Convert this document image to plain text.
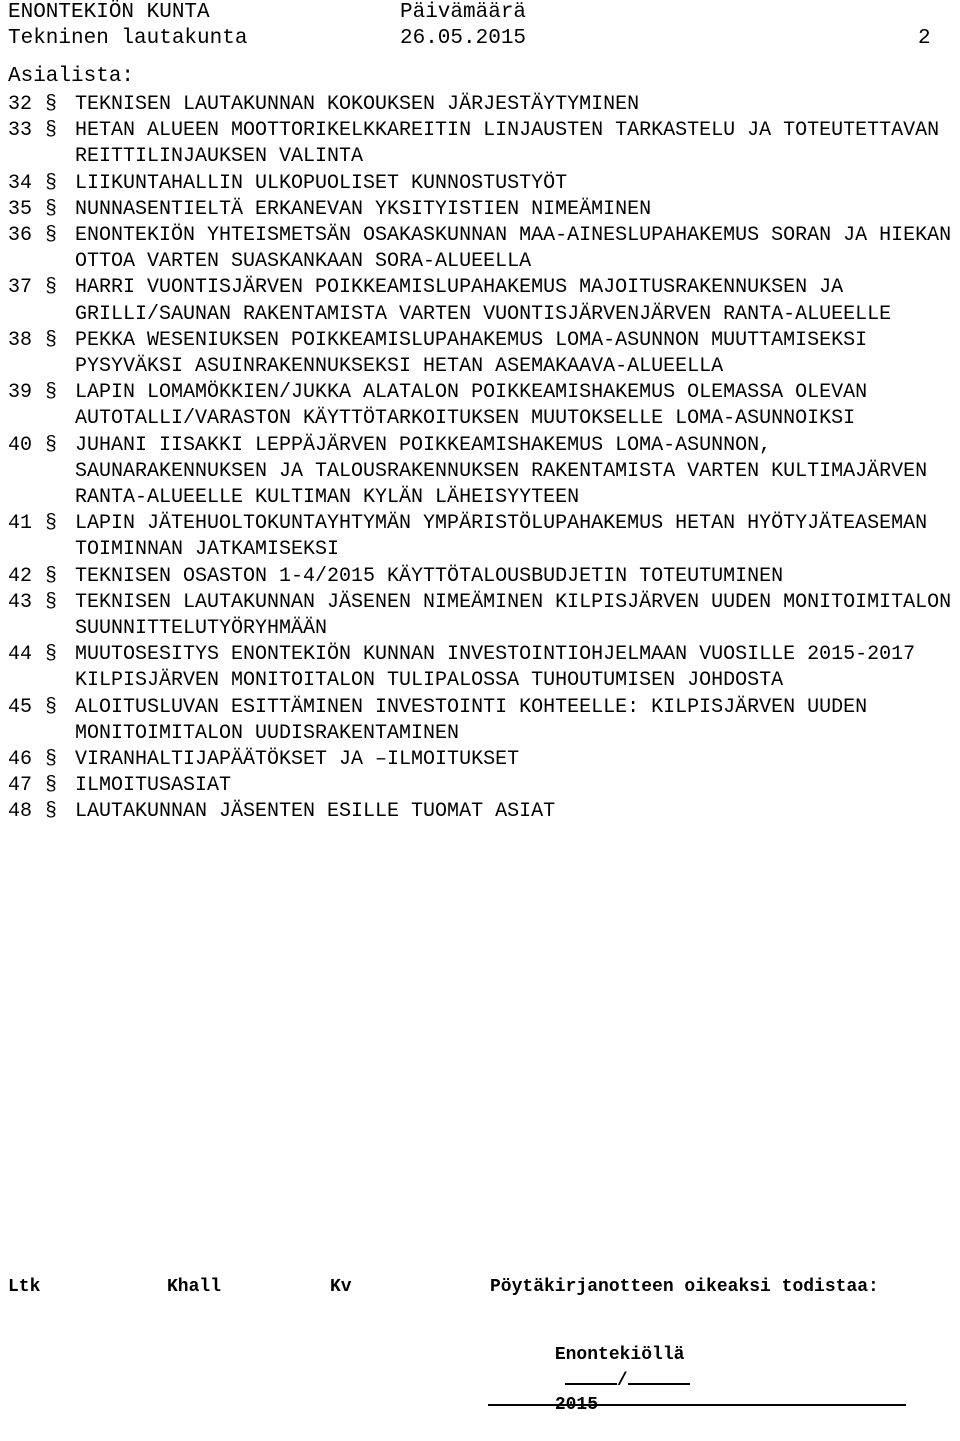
ENONTEKIÖN KUNTA	Päivämäärä
Tekninen lautakunta	26.05.2015	2
Asialista:
32 § TEKNISEN LAUTAKUNNAN KOKOUKSEN JÄRJESTÄYTYMINEN
33 § HETAN ALUEEN MOOTTORIKELKKAREITIN LINJAUSTEN TARKASTELU JA TOTEUTETTAVAN REITTILINJAUKSEN VALINTA
34 § LIIKUNTAHALLIN ULKOPUOLISET KUNNOSTUSTYÖT
35 § NUNNASENTIELTÄ ERKANEVAN YKSITYISTIEN NIMEÄMINEN
36 § ENONTEKIÖN YHTEISMETSÄN OSAKASKUNNAN MAA-AINESLUPAHAKEMUS SORAN JA HIEKAN OTTOA VARTEN SUASKANKAAN SORA-ALUEELLA
37 § HARRI VUONTISJÄRVEN POIKKEAMISLUPAHAKEMUS MAJOITUSRAKENNUKSEN JA GRILLI/SAUNAN RAKENTAMISTA VARTEN VUONTISJÄRVENJÄRVEN RANTA-ALUEELLE
38 § PEKKA WESENIUKSEN POIKKEAMISLUPAHAKEMUS LOMA-ASUNNON MUUTTAMISEKSI PYSYVÄKSI ASUINRAKENNUKSEKSI HETAN ASEMAKAAVA-ALUEELLA
39 § LAPIN LOMAMÖKKIEN/JUKKA ALATALON POIKKEAMISHAKEMUS OLEMASSA OLEVAN AUTOTALLI/VARASTON KÄYTTÖTARKOITUKSEN MUUTOKSELLE LOMA-ASUNNOIKSI
40 § JUHANI IISAKKI LEPPÄJÄRVEN POIKKEAMISHAKEMUS LOMA-ASUNNON, SAUNARAKENNUKSEN JA TALOUSRAKENNUKSEN RAKENTAMISTA VARTEN KULTIMAJÄRVEN RANTA-ALUEELLE KULTIMAN KYLÄN LÄHEISYYTEEN
41 § LAPIN JÄTEHUOLTOKUNTAYHTYMÄN YMPÄRISTÖLUPAHAKEMUS HETAN HYÖTYJÄTEASEMAN TOIMINNAN JATKAMISEKSI
42 § TEKNISEN OSASTON 1-4/2015 KÄYTTÖTALOUSBUDJETIN TOTEUTUMINEN
43 § TEKNISEN LAUTAKUNNAN JÄSENEN NIMEÄMINEN KILPISJÄRVEN UUDEN MONITOIMITALON SUUNNITTELUTYÖRYHMÄÄN
44 § MUUTOSESITYS ENONTEKIÖN KUNNAN INVESTOINTIOHJELMAAN VUOSILLE 2015-2017 KILPISJÄRVEN MONITOITALON TULIPALOSSA TUHOUTUMISEN JOHDOSTA
45 § ALOITUSLUVAN ESITTÄMINEN INVESTOINTI KOHTEELLE: KILPISJÄRVEN UUDEN MONITOIMITALON UUDISRAKENTAMINEN
46 § VIRANHALTIJAPÄÄTÖKSET JA –ILMOITUKSET
47 § ILMOITUSASIAT
48 § LAUTAKUNNAN JÄSENTEN ESILLE TUOMAT ASIAT
Ltk	Khall	Kv	Pöytäkirjanotteen oikeaksi todistaa:

Enontekiöllä
/
2015
